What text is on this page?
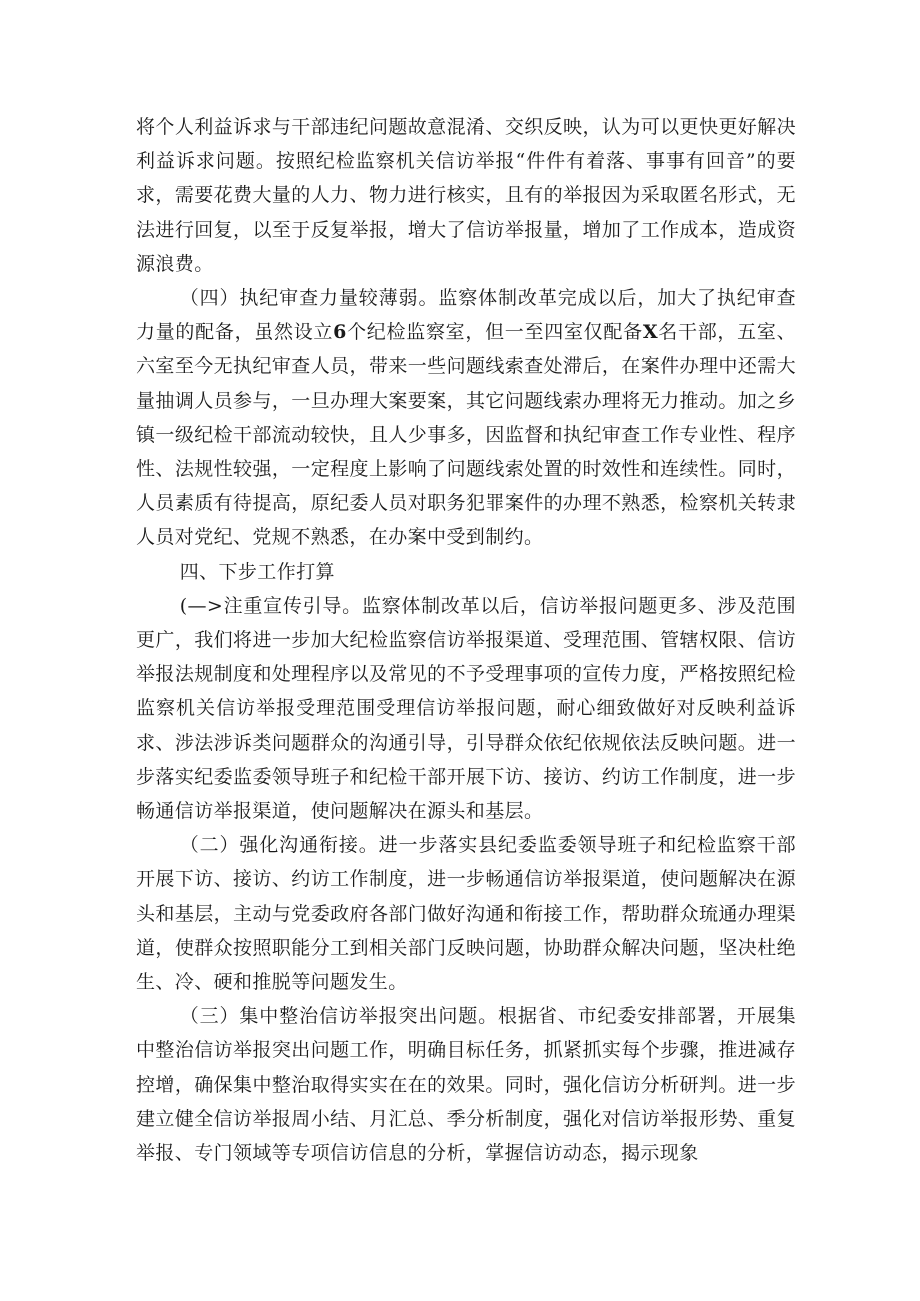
将个人利益诉求与干部违纪问题故意混淆、交织反映，认为可以更快更好解决利益诉求问题。按照纪检监察机关信访举报“件件有着落、事事有回音”的要求，需要花费大量的人力、物力进行核实，且有的举报因为采取匿名形式，无法进行回复，以至于反复举报，增大了信访举报量，增加了工作成本，造成资源浪费。

（四）执纪审查力量较薄弱。监察体制改革完成以后，加大了执纪审查力量的配备，虽然设立6个纪检监察室，但一至四室仅配备X名干部，五室、六室至今无执纪审查人员，带来一些问题线索查处滞后，在案件办理中还需大量抽调人员参与，一旦办理大案要案，其它问题线索办理将无力推动。加之乡镇一级纪检干部流动较快，且人少事多，因监督和执纪审查工作专业性、程序性、法规性较强，一定程度上影响了问题线索处置的时效性和连续性。同时，人员素质有待提高，原纪委人员对职务犯罪案件的办理不熟悉，检察机关转隶人员对党纪、党规不熟悉，在办案中受到制约。

四、下步工作打算

(—>注重宣传引导。监察体制改革以后，信访举报问题更多、涉及范围更广，我们将进一步加大纪检监察信访举报渠道、受理范围、管辖权限、信访举报法规制度和处理程序以及常见的不予受理事项的宣传力度，严格按照纪检监察机关信访举报受理范围受理信访举报问题，耐心细致做好对反映利益诉求、涉法涉诉类问题群众的沟通引导，引导群众依纪依规依法反映问题。进一步落实纪委监委领导班子和纪检干部开展下访、接访、约访工作制度，进一步畅通信访举报渠道，使问题解决在源头和基层。

（二）强化沟通衔接。进一步落实县纪委监委领导班子和纪检监察干部开展下访、接访、约访工作制度，进一步畅通信访举报渠道，使问题解决在源头和基层，主动与党委政府各部门做好沟通和衔接工作，帮助群众琉通办理渠道，使群众按照职能分工到相关部门反映问题，协助群众解决问题，坚决杜绝生、冷、硬和推脱等问题发生。

（三）集中整治信访举报突出问题。根据省、市纪委安排部署，开展集中整治信访举报突出问题工作，明确目标任务，抓紧抓实每个步骤，推进减存控增，确保集中整治取得实实在在的效果。同时，强化信访分析研判。进一步建立健全信访举报周小结、月汇总、季分析制度，强化对信访举报形势、重复举报、专门领域等专项信访信息的分析，掌握信访动态，揭示现象
